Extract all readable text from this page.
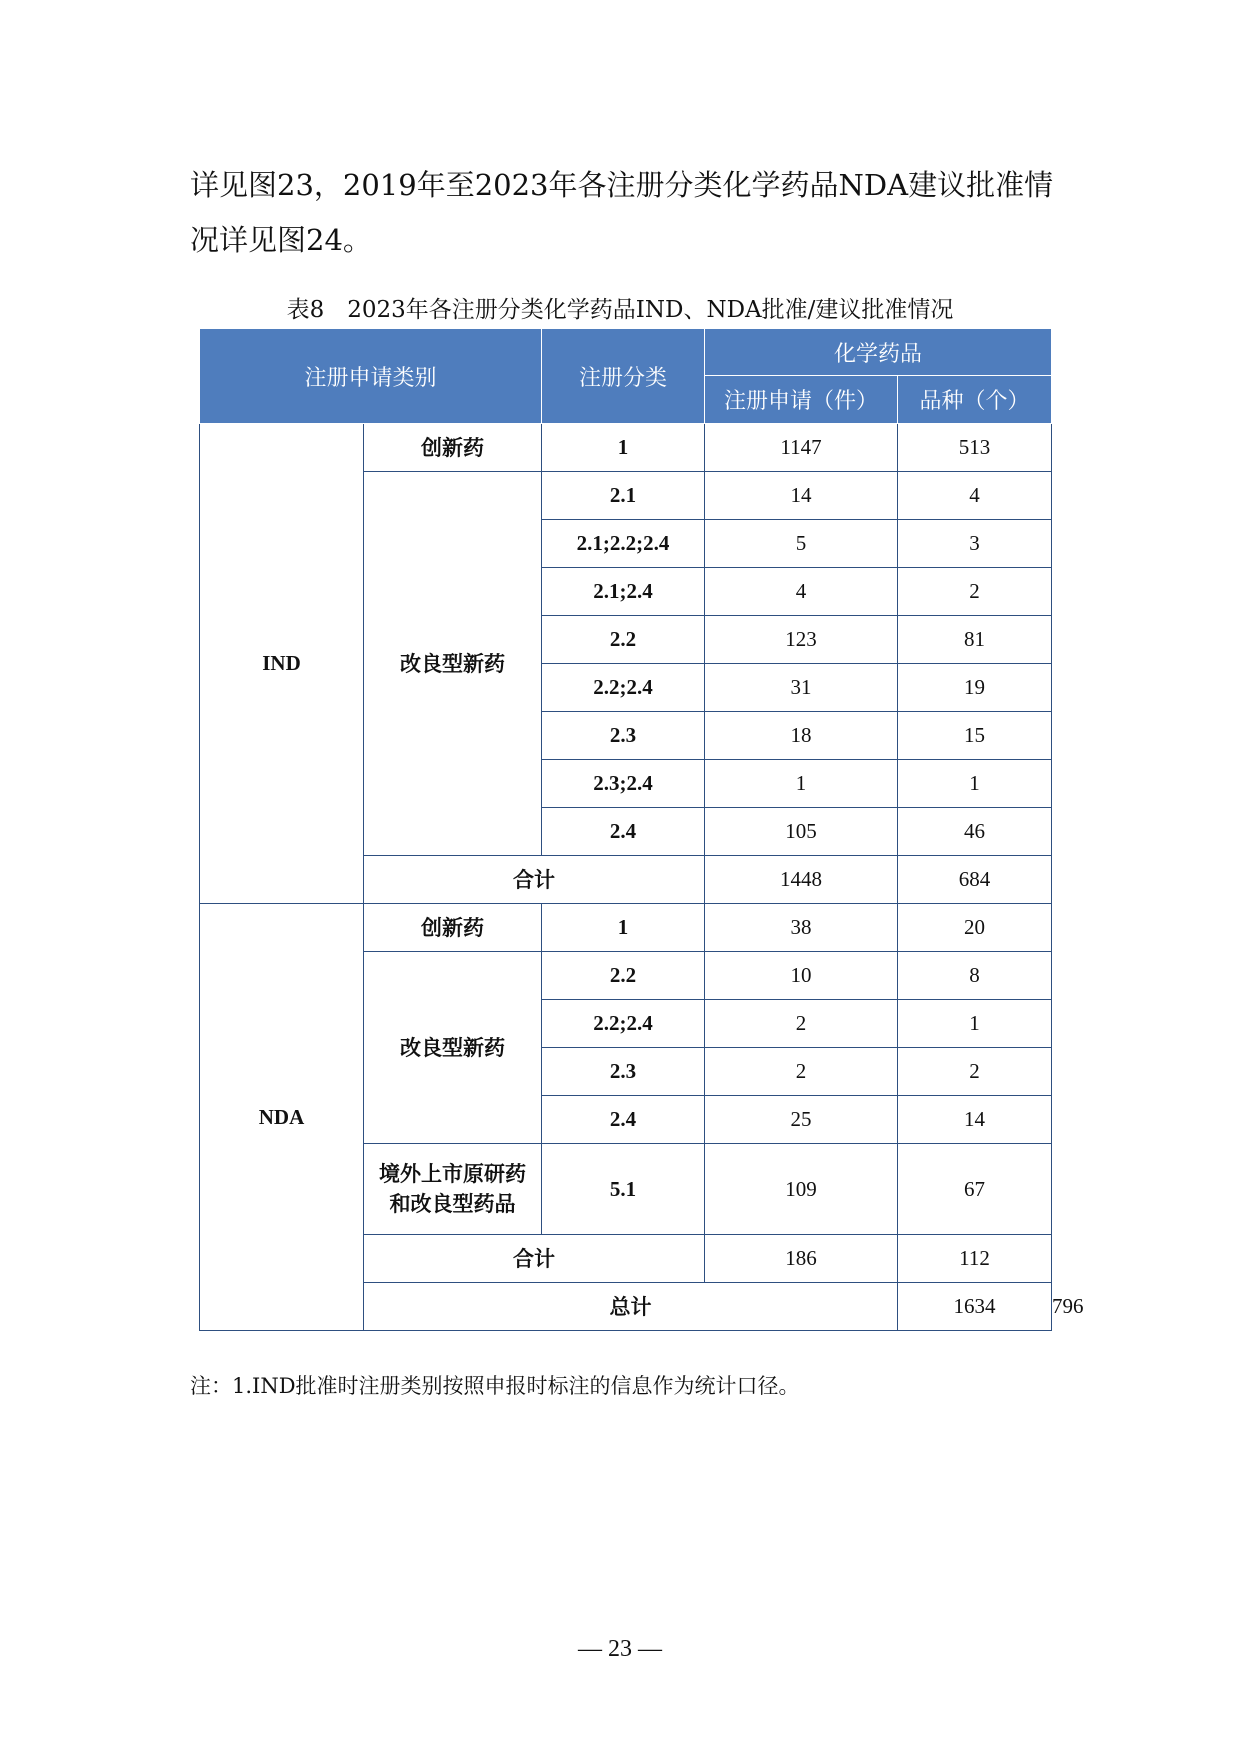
详见图23，2019年至2023年各注册分类化学药品NDA建议批准情况详见图24。

表8　2023年各注册分类化学药品IND、NDA批准/建议批准情况

注册申请类别		注册分类	化学药品		
			注册申请（件）	品种（个）	
IND	创新药	1	1147	513	
	改良型新药	2.1	14	4	
		2.1;2.2;2.4	5	3	
		2.1;2.4	4	2	
		2.2	123	81	
		2.2;2.4	31	19	
		2.3	18	15	
		2.3;2.4	1	1	
		2.4	105	46	
	合计		1448	684	
NDA	创新药	1	38	20	
	改良型新药	2.2	10	8	
		2.2;2.4	2	1	
		2.3	2	2	
		2.4	25	14	
	境外上市原研药和改良型药品	5.1	109	67	
	合计		186	112	
	总计			1634	796

注：1.IND批准时注册类别按照申报时标注的信息作为统计口径。

— 23 —
